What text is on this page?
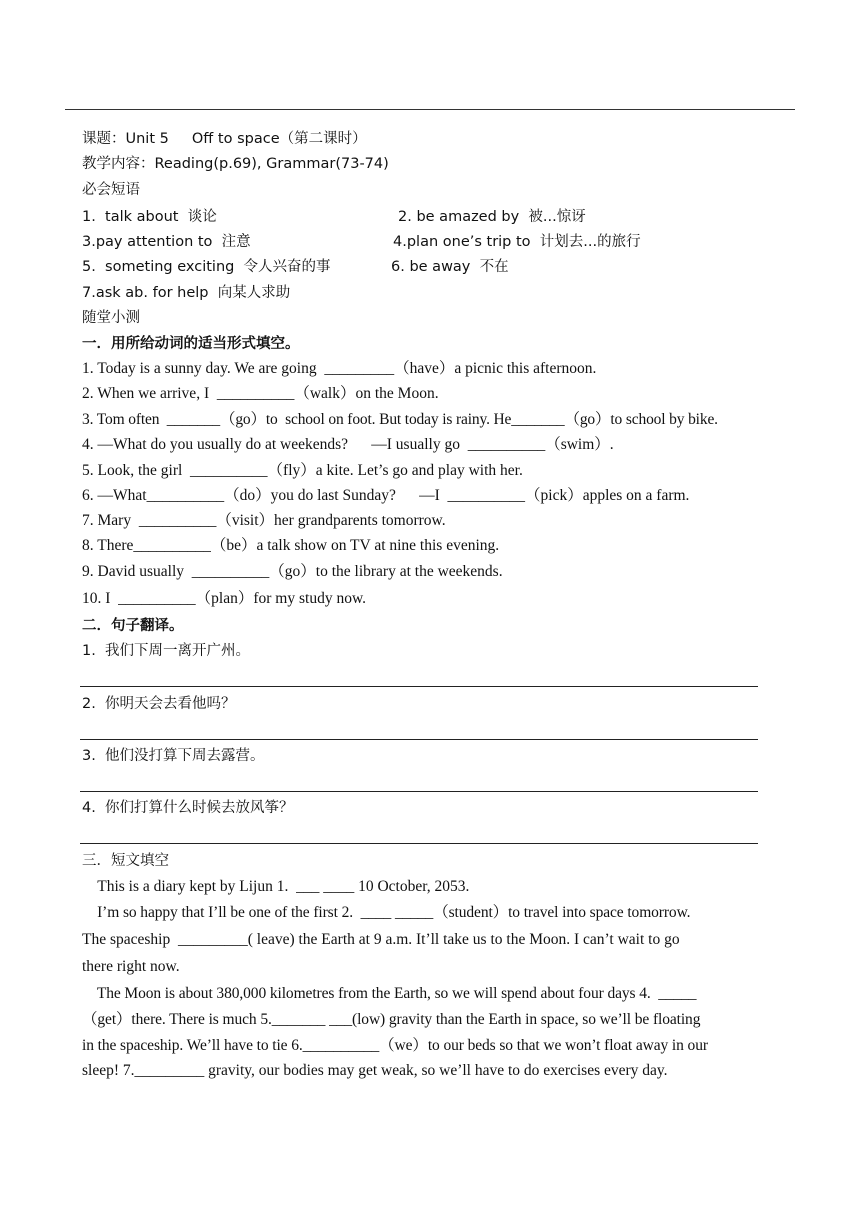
课题：Unit 5     Off to space（第二课时）
教学内容：Reading(p.69), Grammar(73-74)
必会短语
1.  talk about  谈论	2. be amazed by  被...惊讶
3.pay attention to  注意	4.plan one’s trip to  计划去...的旅行
5.  someting exciting  令人兴奋的事	6. be away  不在
7.ask ab. for help  向某人求助
随堂小测
一．用所给动词的适当形式填空。
1. Today is a sunny day. We are going  _________（have）a picnic this afternoon.
2. When we arrive, I  __________（walk）on the Moon.
3. Tom often  _______（go）to  school on foot. But today is rainy. He_______（go）to school by bike.
4. —What do you usually do at weekends?      —I usually go  __________（swim）.
5. Look, the girl  __________（fly）a kite. Let’s go and play with her.
6. —What__________（do）you do last Sunday?      —I  __________（pick）apples on a farm.
7. Mary  __________（visit）her grandparents tomorrow.
8. There__________（be）a talk show on TV at nine this evening.
9. David usually  __________（go）to the library at the weekends.
10. I  __________（plan）for my study now.
二．句子翻译。
1.  我们下周一离开广州。
2.  你明天会去看他吗？
3.  他们没打算下周去露营。
4.  你们打算什么时候去放风筝？
三．短文填空
This is a diary kept by Lijun 1.  ___ ____ 10 October, 2053.
I’m so happy that I’ll be one of the first 2.  ____ _____（student）to travel into space tomorrow.
The spaceship  _________( leave) the Earth at 9 a.m. It’ll take us to the Moon. I can’t wait to go
there right now.
The Moon is about 380,000 kilometres from the Earth, so we will spend about four days 4.  _____
（get）there. There is much 5._______ ___(low) gravity than the Earth in space, so we’ll be floating
in the spaceship. We’ll have to tie 6.__________（we）to our beds so that we won’t float away in our
sleep! 7._________ gravity, our bodies may get weak, so we’ll have to do exercises every day.
